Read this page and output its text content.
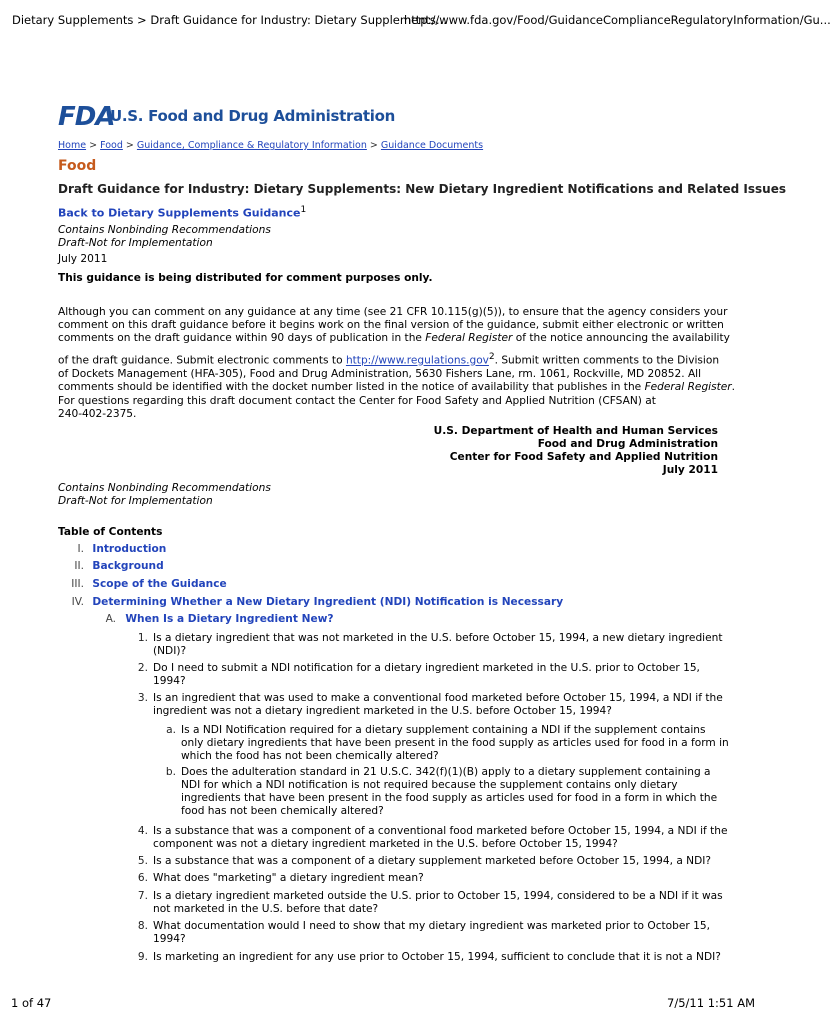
Dietary Supplements > Draft Guidance for Industry: Dietary Supplements...
http://www.fda.gov/Food/GuidanceComplianceRegulatoryInformation/Gu...
FDA
U.S. Food and Drug Administration
Home > Food > Guidance, Compliance & Regulatory Information > Guidance Documents
Food
Draft Guidance for Industry: Dietary Supplements: New Dietary Ingredient Notifications and Related Issues
Back to Dietary Supplements Guidance$^1$
Contains Nonbinding Recommendations
Draft-Not for Implementation
July 2011
This guidance is being distributed for comment purposes only.
Although you can comment on any guidance at any time (see 21 CFR 10.115(g)(5)), to ensure that the agency considers your
comment on this draft guidance before it begins work on the final version of the guidance, submit either electronic or written
comments on the draft guidance within 90 days of publication in the Federal Register of the notice announcing the availability
of the draft guidance. Submit electronic comments to http://www.regulations.gov$^2$. Submit written comments to the Division
of Dockets Management (HFA-305), Food and Drug Administration, 5630 Fishers Lane, rm. 1061, Rockville, MD 20852. All
comments should be identified with the docket number listed in the notice of availability that publishes in the Federal Register.
For questions regarding this draft document contact the Center for Food Safety and Applied Nutrition (CFSAN) at
240-402-2375.
U.S. Department of Health and Human Services
Food and Drug Administration
Center for Food Safety and Applied Nutrition
July 2011
Contains Nonbinding Recommendations
Draft-Not for Implementation
Table of Contents
I. Introduction
II. Background
III. Scope of the Guidance
IV. Determining Whether a New Dietary Ingredient (NDI) Notification is Necessary
A. When Is a Dietary Ingredient New?
1. Is a dietary ingredient that was not marketed in the U.S. before October 15, 1994, a new dietary ingredient
(NDI)?
2. Do I need to submit a NDI notification for a dietary ingredient marketed in the U.S. prior to October 15,
1994?
3. Is an ingredient that was used to make a conventional food marketed before October 15, 1994, a NDI if the
ingredient was not a dietary ingredient marketed in the U.S. before October 15, 1994?
a. Is a NDI Notification required for a dietary supplement containing a NDI if the supplement contains
only dietary ingredients that have been present in the food supply as articles used for food in a form in
which the food has not been chemically altered?
b. Does the adulteration standard in 21 U.S.C. 342(f)(1)(B) apply to a dietary supplement containing a
NDI for which a NDI notification is not required because the supplement contains only dietary
ingredients that have been present in the food supply as articles used for food in a form in which the
food has not been chemically altered?
4. Is a substance that was a component of a conventional food marketed before October 15, 1994, a NDI if the
component was not a dietary ingredient marketed in the U.S. before October 15, 1994?
5. Is a substance that was a component of a dietary supplement marketed before October 15, 1994, a NDI?
6. What does "marketing" a dietary ingredient mean?
7. Is a dietary ingredient marketed outside the U.S. prior to October 15, 1994, considered to be a NDI if it was
not marketed in the U.S. before that date?
8. What documentation would I need to show that my dietary ingredient was marketed prior to October 15,
1994?
9. Is marketing an ingredient for any use prior to October 15, 1994, sufficient to conclude that it is not a NDI?
1 of 47	7/5/11 1:51 AM
